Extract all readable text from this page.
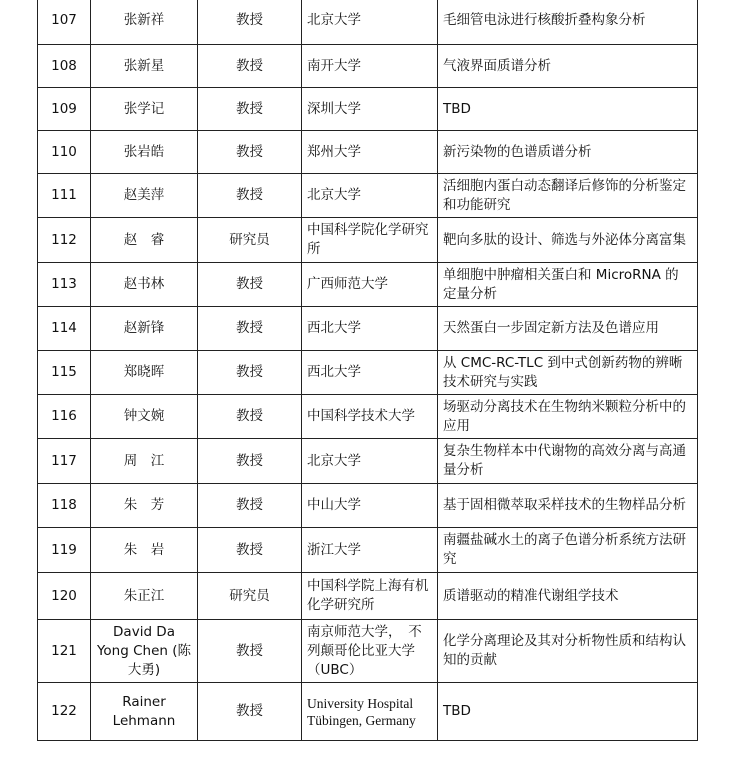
107	张新祥	教授	北京大学	毛细管电泳进行核酸折叠构象分析
108	张新星	教授	南开大学	气液界面质谱分析
109	张学记	教授	深圳大学	TBD
110	张岩皓	教授	郑州大学	新污染物的色谱质谱分析
111	赵美萍	教授	北京大学	活细胞内蛋白动态翻译后修饰的分析鉴定和功能研究
112	赵　睿	研究员	中国科学院化学研究所	靶向多肽的设计、筛选与外泌体分离富集
113	赵书林	教授	广西师范大学	单细胞中肿瘤相关蛋白和 MicroRNA 的定量分析
114	赵新锋	教授	西北大学	天然蛋白一步固定新方法及色谱应用
115	郑晓晖	教授	西北大学	从 CMC-RC-TLC 到中式创新药物的辨晰技术研究与实践
116	钟文婉	教授	中国科学技术大学	场驱动分离技术在生物纳米颗粒分析中的应用
117	周　江	教授	北京大学	复杂生物样本中代谢物的高效分离与高通量分析
118	朱　芳	教授	中山大学	基于固相微萃取采样技术的生物样品分析
119	朱　岩	教授	浙江大学	南疆盐碱水土的离子色谱分析系统方法研究
120	朱正江	研究员	中国科学院上海有机化学研究所	质谱驱动的精准代谢组学技术
121	David Da Yong Chen (陈大勇)	教授	南京师范大学，　不列颠哥伦比亚大学（UBC）	化学分离理论及其对分析物性质和结构认知的贡献
122	Rainer Lehmann	教授	University Hospital Tübingen, Germany	TBD
